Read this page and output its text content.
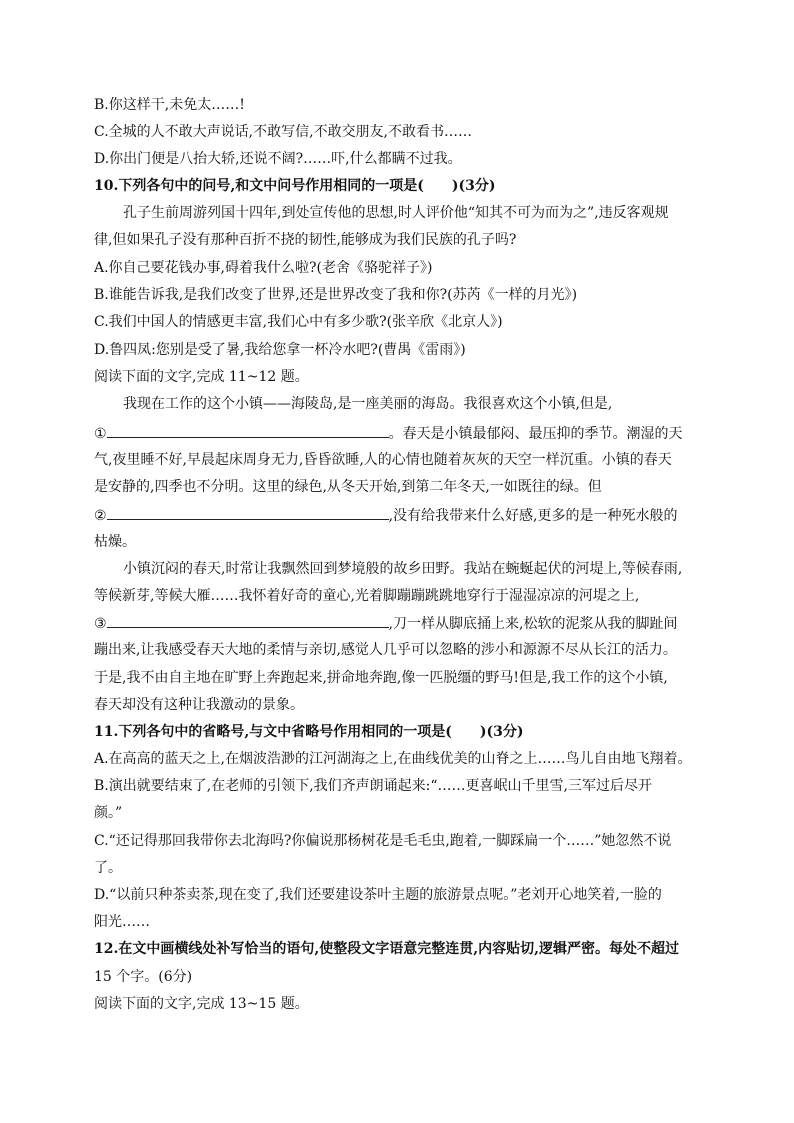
B.你这样干,未免太……!
C.全城的人不敢大声说话,不敢写信,不敢交朋友,不敢看书……
D.你出门便是八抬大轿,还说不阔?……吓,什么都瞒不过我。
10.下列各句中的问号,和文中问号作用相同的一项是(　　)(3分)
孔子生前周游列国十四年,到处宣传他的思想,时人评价他“知其不可为而为之”,违反客观规
律,但如果孔子没有那种百折不挠的韧性,能够成为我们民族的孔子吗?
A.你自己要花钱办事,碍着我什么啦?(老舍《骆驼祥子》)
B.谁能告诉我,是我们改变了世界,还是世界改变了我和你?(苏芮《一样的月光》)
C.我们中国人的情感更丰富,我们心中有多少歌?(张辛欣《北京人》)
D.鲁四凤:您别是受了暑,我给您拿一杯冷水吧?(曹禺《雷雨》)
阅读下面的文字,完成 11~12 题。
我现在工作的这个小镇——海陵岛,是一座美丽的海岛。我很喜欢这个小镇,但是,
①	。春天是小镇最郁闷、最压抑的季节。潮湿的天
气,夜里睡不好,早晨起床周身无力,昏昏欲睡,人的心情也随着灰灰的天空一样沉重。小镇的春天
是安静的,四季也不分明。这里的绿色,从冬天开始,到第二年冬天,一如既往的绿。但
②	,没有给我带来什么好感,更多的是一种死水般的
枯燥。
小镇沉闷的春天,时常让我飘然回到梦境般的故乡田野。我站在蜿蜒起伏的河堤上,等候春雨,
等候新芽,等候大雁……我怀着好奇的童心,光着脚蹦蹦跳跳地穿行于湿湿凉凉的河堤之上,
③	,刀一样从脚底捅上来,松软的泥浆从我的脚趾间
蹦出来,让我感受春天大地的柔情与亲切,感觉人几乎可以忽略的涉小和源源不尽从长江的活力。
于是,我不由自主地在旷野上奔跑起来,拼命地奔跑,像一匹脱缰的野马!但是,我工作的这个小镇,
春天却没有这种让我激动的景象。
11.下列各句中的省略号,与文中省略号作用相同的一项是(　　)(3分)
A.在高高的蓝天之上,在烟波浩渺的江河湖海之上,在曲线优美的山脊之上……鸟儿自由地飞翔着。
B.演出就要结束了,在老师的引领下,我们齐声朗诵起来:“……更喜岷山千里雪,三军过后尽开
颜。”
C.“还记得那回我带你去北海吗?你偏说那杨树花是毛毛虫,跑着,一脚踩扁一个……”她忽然不说
了。
D.“以前只种茶卖茶,现在变了,我们还要建设茶叶主题的旅游景点呢。”老刘开心地笑着,一脸的
阳光……
12.在文中画横线处补写恰当的语句,使整段文字语意完整连贯,内容贴切,逻辑严密。每处不超过
15 个字。(6分)
阅读下面的文字,完成 13~15 题。
